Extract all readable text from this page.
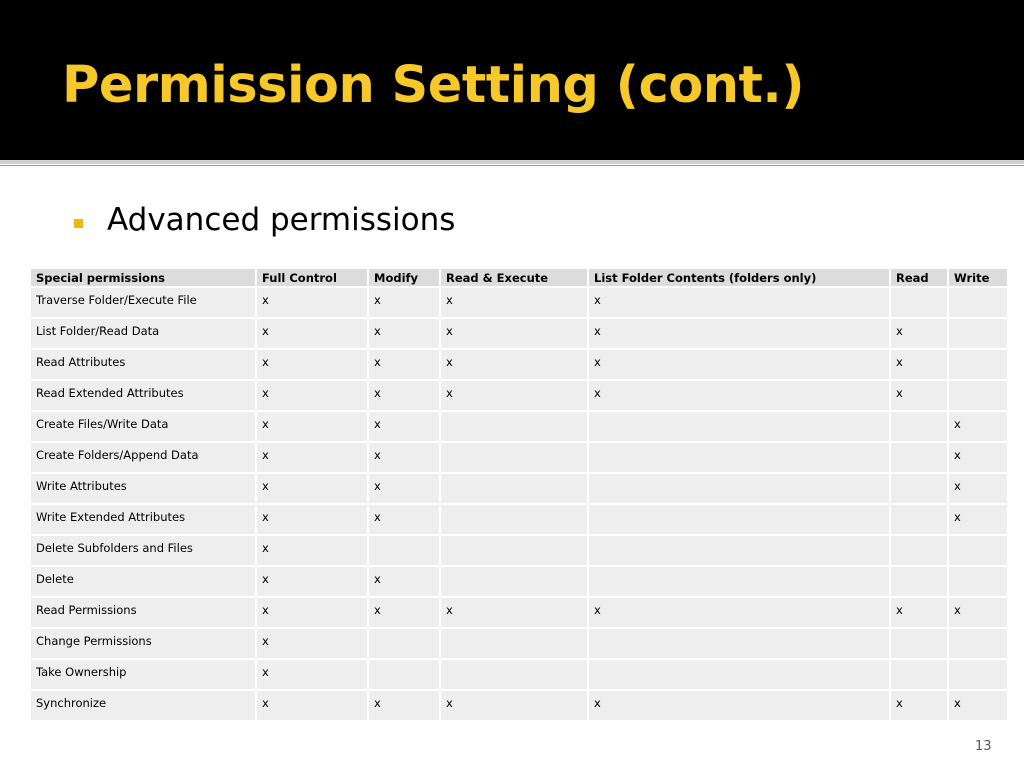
Permission Setting (cont.)
Advanced permissions
Special permissions	Full Control	Modify	Read & Execute	List Folder Contents (folders only)	Read	Write
Traverse Folder/Execute File	x	x	x	x		
List Folder/Read Data	x	x	x	x	x	
Read Attributes	x	x	x	x	x	
Read Extended Attributes	x	x	x	x	x	
Create Files/Write Data	x	x				x
Create Folders/Append Data	x	x				x
Write Attributes	x	x				x
Write Extended Attributes	x	x				x
Delete Subfolders and Files	x					
Delete	x	x				
Read Permissions	x	x	x	x	x	x
Change Permissions	x					
Take Ownership	x					
Synchronize	x	x	x	x	x	x
13
